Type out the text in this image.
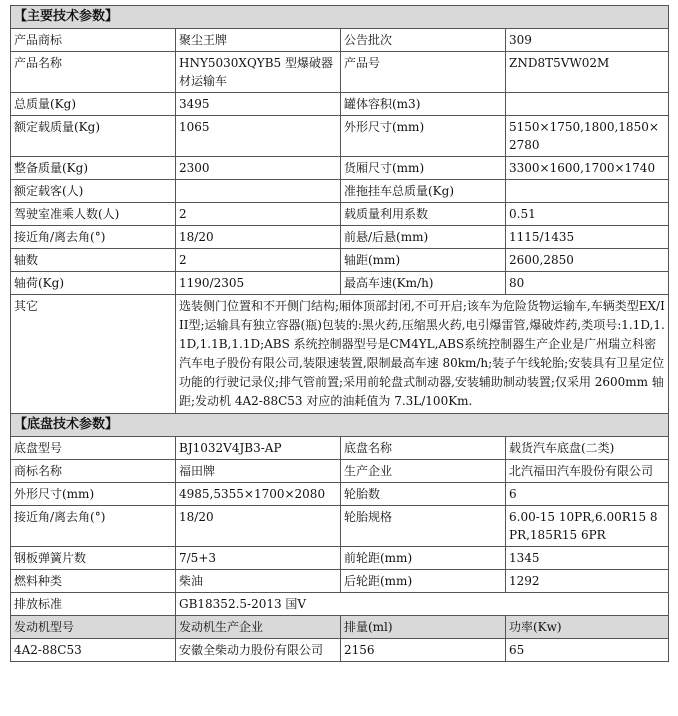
【主要技术参数】			
产品商标	聚尘王牌	公告批次	309
产品名称	HNY5030XQYB5 型爆破器材运输车	产品号	ZND8T5VW02M
总质量(Kg)	3495	罐体容积(m3)	
额定载质量(Kg)	1065	外形尺寸(mm)	5150×1750,1800,1850×2780
整备质量(Kg)	2300	货厢尺寸(mm)	3300×1600,1700×1740
额定载客(人)		准拖挂车总质量(Kg)	
驾驶室准乘人数(人)	2	载质量利用系数	0.51
接近角/离去角(°)	18/20	前悬/后悬(mm)	1115/1435
轴数	2	轴距(mm)	2600,2850
轴荷(Kg)	1190/2305	最高车速(Km/h)	80
其它	选装侧门位置和不开侧门结构;厢体顶部封闭,不可开启;该车为危险货物运输车,车辆类型EX/III型;运输具有独立容器(瓶)包装的:黑火药,压缩黑火药,电引爆雷管,爆破炸药,类项号:1.1D,1.1D,1.1B,1.1D;ABS 系统控制器型号是CM4YL,ABS系统控制器生产企业是广州瑞立科密汽车电子股份有限公司,装限速装置,限制最高车速 80km/h;装子午线轮胎;安装具有卫星定位功能的行驶记录仪;排气管前置;采用前轮盘式制动器,安装辅助制动装置;仅采用 2600mm 轴距;发动机 4A2-88C53 对应的油耗值为 7.3L/100Km.		
【底盘技术参数】			
底盘型号	BJ1032V4JB3-AP	底盘名称	载货汽车底盘(二类)
商标名称	福田牌	生产企业	北汽福田汽车股份有限公司
外形尺寸(mm)	4985,5355×1700×2080	轮胎数	6
接近角/离去角(°)	18/20	轮胎规格	6.00-15 10PR,6.00R15 8PR,185R15 6PR
钢板弹簧片数	7/5+3	前轮距(mm)	1345
燃料种类	柴油	后轮距(mm)	1292
排放标准	GB18352.5-2013 国V		
发动机型号	发动机生产企业	排量(ml)	功率(Kw)
4A2-88C53	安徽全柴动力股份有限公司	2156	65
